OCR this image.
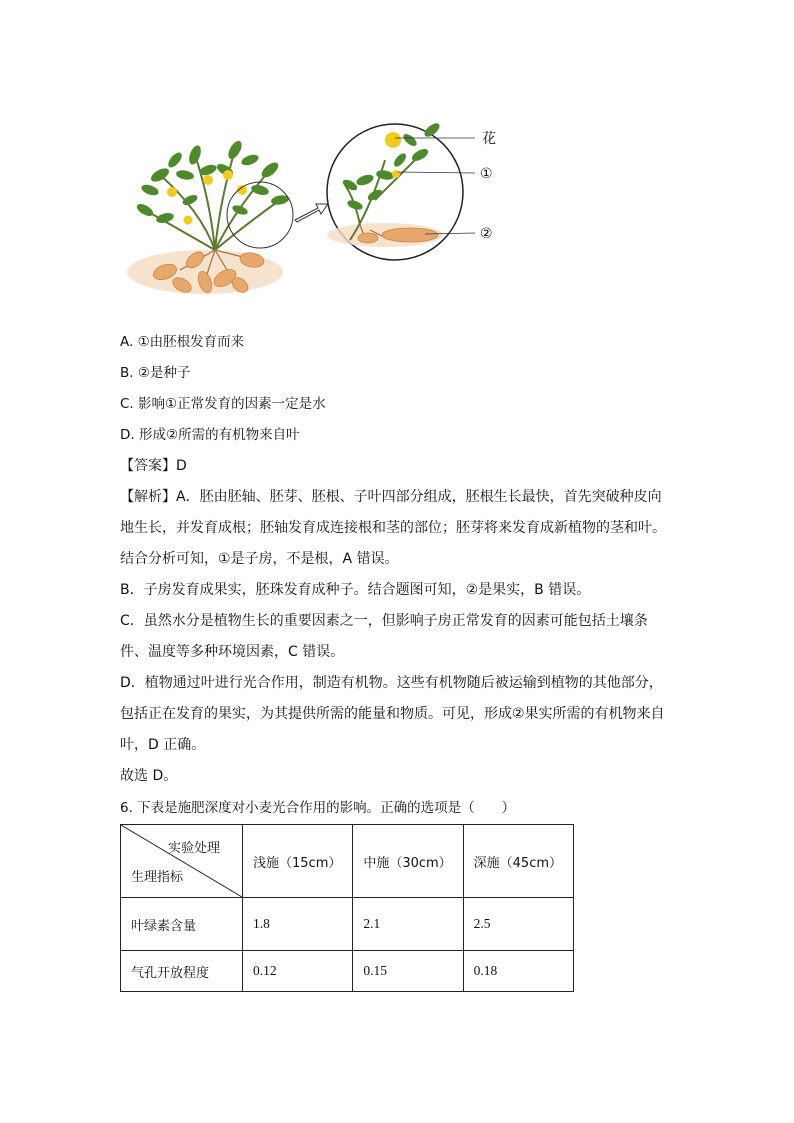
花
①
②
A. ①由胚根发育而来
B. ②是种子
C. 影响①正常发育的因素一定是水
D. 形成②所需的有机物来自叶
【答案】D
【解析】A．胚由胚轴、胚芽、胚根、子叶四部分组成，胚根生长最快，首先突破种皮向
地生长，并发育成根；胚轴发育成连接根和茎的部位；胚芽将来发育成新植物的茎和叶。
结合分析可知，①是子房，不是根，A 错误。
B．子房发育成果实，胚珠发育成种子。结合题图可知，②是果实，B 错误。
C．虽然水分是植物生长的重要因素之一，但影响子房正常发育的因素可能包括土壤条
件、温度等多种环境因素，C 错误。
D．植物通过叶进行光合作用，制造有机物。这些有机物随后被运输到植物的其他部分，
包括正在发育的果实，为其提供所需的能量和物质。可见，形成②果实所需的有机物来自
叶，D 正确。
故选 D。
6. 下表是施肥深度对小麦光合作用的影响。正确的选项是（　　）
实验处理
生理指标	浅施（15cm）	中施（30cm）	深施（45cm）
叶绿素含量	1.8	2.1	2.5
气孔开放程度	0.12	0.15	0.18
